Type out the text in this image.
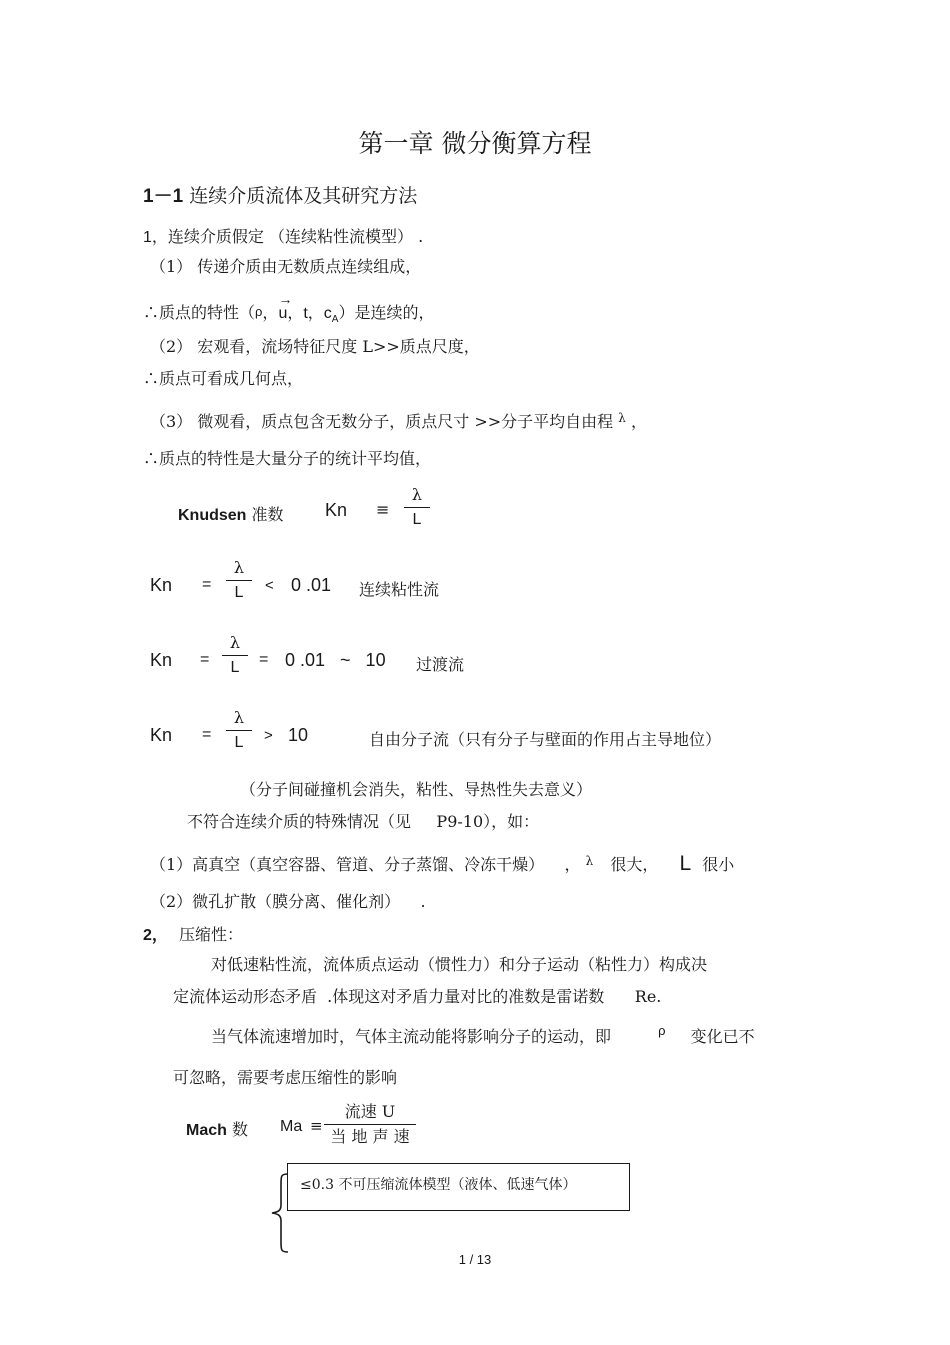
第一章 微分衡算方程
1－1 连续介质流体及其研究方法
1，连续介质假定 （连续粘性流模型） .
（1） 传递介质由无数质点连续组成，
∴质点的特性（ρ，
→
u，t，$c_A$）是连续的，
（2） 宏观看，流场特征尺度 L>>质点尺度，
∴质点可看成几何点，
（3） 微观看，质点包含无数分子，质点尺寸 >>分子平均自由程 $^\lambda$ ，
∴质点的特性是大量分子的统计平均值，
Knudsen 准数 Kn ≡
λ
L
Kn =
λ
L	< 0 .01 连续粘性流
Kn =
λ
L	= 0 .01   ~   10 过渡流
Kn =
λ
L	> 10	自由分子流（只有分子与壁面的作用占主导地位）
（分子间碰撞机会消失，粘性、导热性失去意义）
不符合连续介质的特殊情况（见     P9-10），如：
（1）高真空（真空容器、管道、分子蒸馏、冷冻干燥）    ， $^\lambda$ 很大， L 很小
（2）微孔扩散（膜分离、催化剂）    .
2， 压缩性：
对低速粘性流，流体质点运动（惯性力）和分子运动（粘性力）构成决
定流体运动形态矛盾  .体现这对矛盾力量对比的准数是雷诺数      Re.
当气体流速增加时，气体主流动能将影响分子的运动，即	$^\rho$ 变化已不
可忽略，需要考虑压缩性的影响
Mach 数 Ma ≡
流速 U
当 地 声 速
≤0.3 不可压缩流体模型（液体、低速气体）
1 / 13
